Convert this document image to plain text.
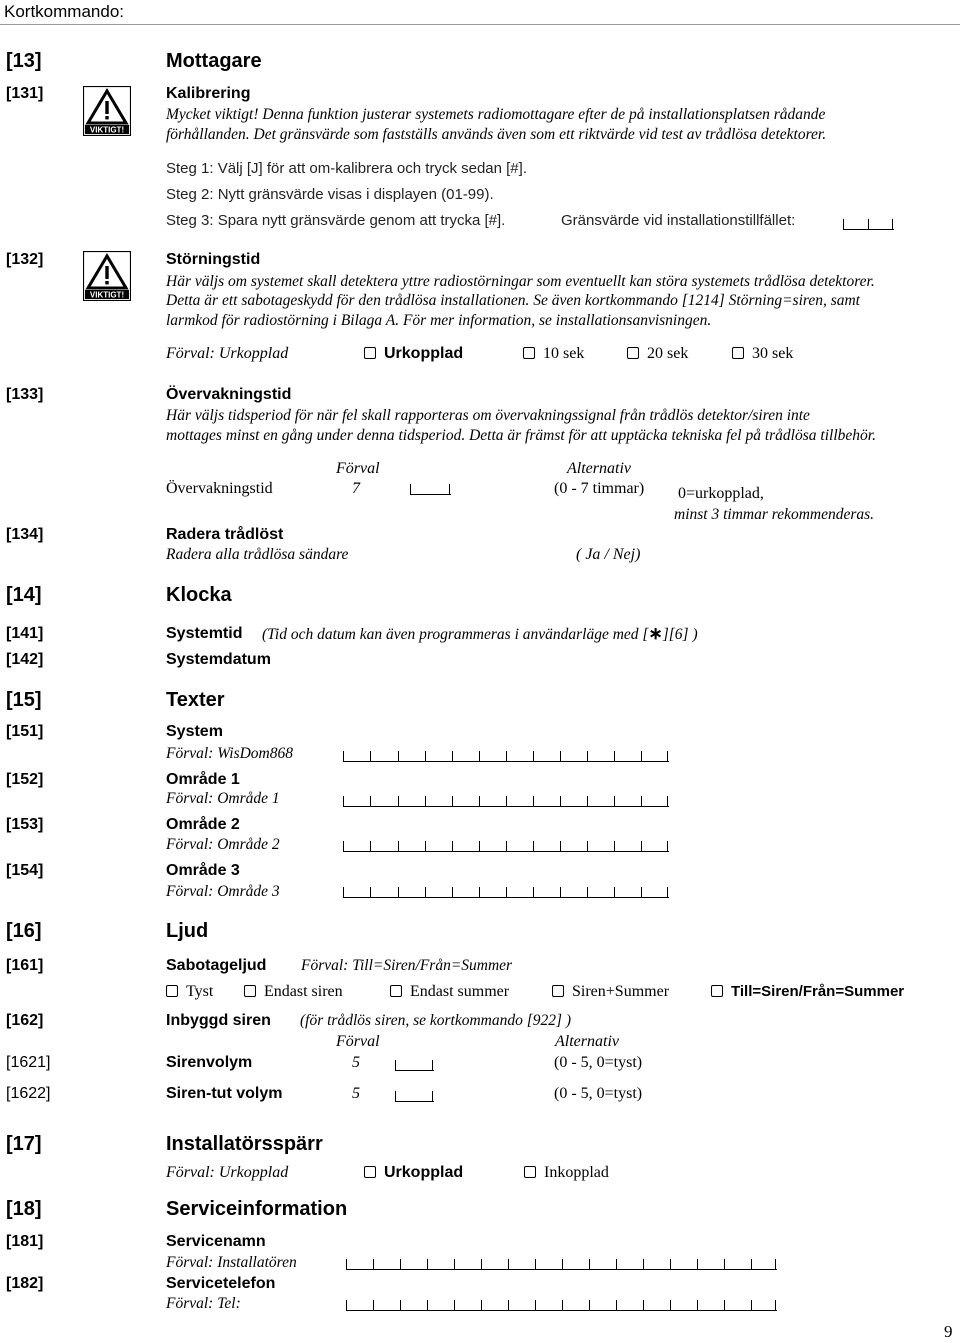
Kortkommando:
[13]	Mottagare
[131]
VIKTIGT!
Kalibrering
Mycket viktigt! Denna funktion justerar systemets radiomottagare efter de på installationsplatsen rådande
förhållanden. Det gränsvärde som fastställs används även som ett riktvärde vid test av trådlösa detektorer.
Steg 1: Välj [J] för att om-kalibrera och tryck sedan [#].
Steg 2: Nytt gränsvärde visas i displayen (01-99).
Steg 3: Spara nytt gränsvärde genom att trycka [#].	Gränsvärde vid installationstillfället:
[132]
VIKTIGT!
Störningstid
Här väljs om systemet skall detektera yttre radiostörningar som eventuellt kan störa systemets trådlösa detektorer.
Detta är ett sabotageskydd för den trådlösa installationen. Se även kortkommando [1214] Störning=siren, samt
larmkod för radiostörning i Bilaga A. För mer information, se installationsanvisningen.
Förval: Urkopplad	Urkopplad	10 sek	20 sek	30 sek
[133]	Övervakningstid
Här väljs tidsperiod för när fel skall rapporteras om övervakningssignal från trådlös detektor/siren inte
mottages minst en gång under denna tidsperiod. Detta är främst för att upptäcka tekniska fel på trådlösa tillbehör.
Förval	Alternativ
Övervakningstid	7	(0 - 7 timmar) 0=urkopplad,
minst 3 timmar rekommenderas.
[134]	Radera trådlöst
Radera alla trådlösa sändare	( Ja / Nej)
[14]	Klocka
[141]	Systemtid (Tid och datum kan även programmeras i användarläge med [∗][6] )
[142]	Systemdatum
[15]	Texter
[151]	System
Förval: WisDom868
[152]	Område 1
Förval: Område 1
[153]	Område 2
Förval: Område 2
[154]	Område 3
Förval: Område 3
[16]	Ljud
[161]	Sabotageljud Förval: Till=Siren/Från=Summer
Tyst	Endast siren	Endast summer	Siren+Summer	Till=Siren/Från=Summer
[162]	Inbyggd siren (för trådlös siren, se kortkommando [922] )
Förval	Alternativ
[1621]	Sirenvolym	5	(0 - 5, 0=tyst)
[1622]	Siren-tut volym	5	(0 - 5, 0=tyst)
[17]	Installatörsspärr
Förval: Urkopplad	Urkopplad	Inkopplad
[18]	Serviceinformation
[181]	Servicenamn
Förval: Installatören
[182]	Servicetelefon
Förval: Tel:
9
